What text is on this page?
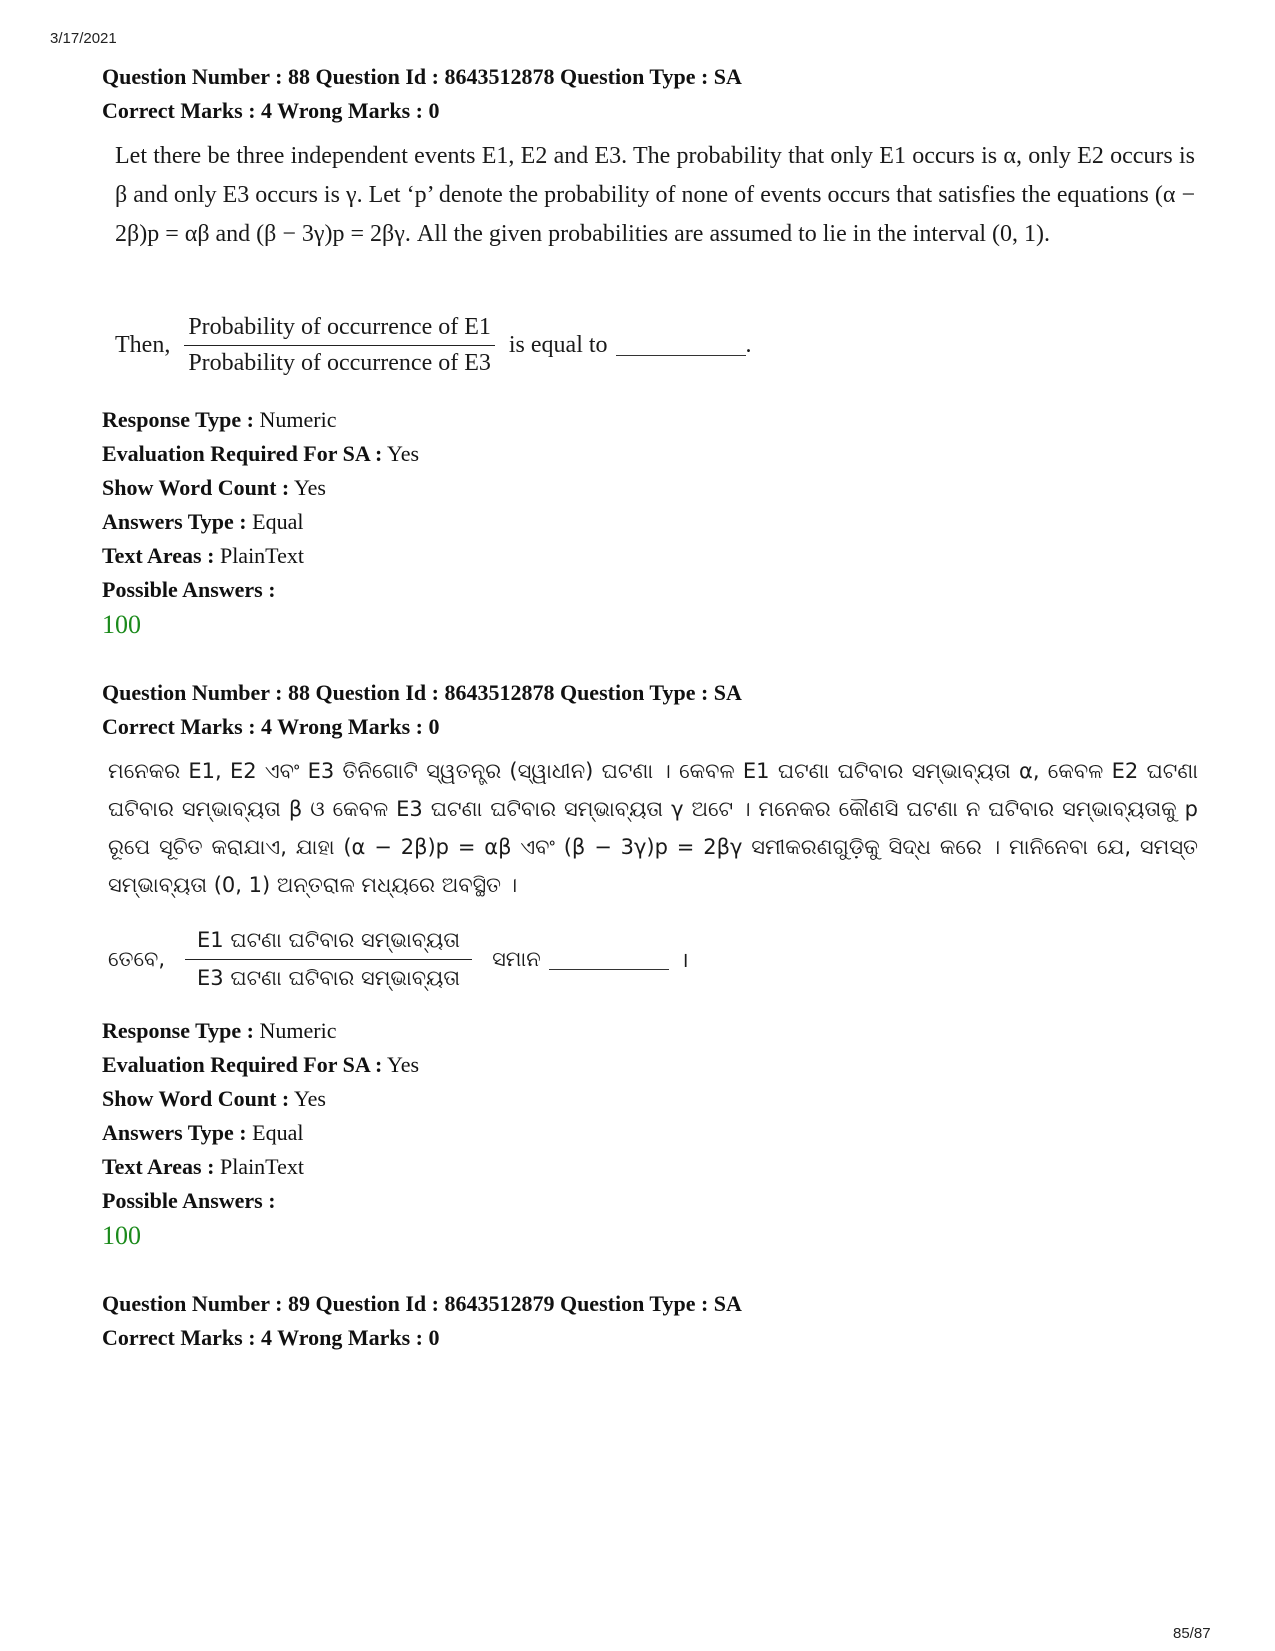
3/17/2021
Question Number : 88 Question Id : 8643512878 Question Type : SA
Correct Marks : 4 Wrong Marks : 0
Let there be three independent events E1, E2 and E3. The probability that only E1 occurs is α, only E2 occurs is β and only E3 occurs is γ. Let ‘p’ denote the probability of none of events occurs that satisfies the equations (α − 2β)p = αβ and (β − 3γ)p = 2βγ. All the given probabilities are assumed to lie in the interval (0, 1).
Then, $\frac{\text{Probability of occurrence of E1}}{\text{Probability of occurrence of E3}}$ is equal to	.
Response Type : Numeric
Evaluation Required For SA : Yes
Show Word Count : Yes
Answers Type : Equal
Text Areas : PlainText
Possible Answers :
100
Question Number : 88 Question Id : 8643512878 Question Type : SA
Correct Marks : 4 Wrong Marks : 0
ମନେକର E1, E2 ଏବଂ E3 ତିନିଗୋଟି ସ୍ୱତନ୍ତ୍ର (ସ୍ୱାଧୀନ) ଘଟଣା । କେବଳ E1 ଘଟଣା ଘଟିବାର ସମ୍ଭାବ୍ୟତା α, କେବଳ E2 ଘଟଣା ଘଟିବାର ସମ୍ଭାବ୍ୟତା β ଓ କେବଳ E3 ଘଟଣା ଘଟିବାର ସମ୍ଭାବ୍ୟତା γ ଅଟେ । ମନେକର କୌଣସି ଘଟଣା ନ ଘଟିବାର ସମ୍ଭାବ୍ୟତାକୁ p ରୂପେ ସୂଚିତ କରାଯାଏ, ଯାହା (α − 2β)p = αβ ଏବଂ (β − 3γ)p = 2βγ ସମୀକରଣଗୁଡ଼ିକୁ ସିଦ୍ଧ କରେ । ମାନିନେବା ଯେ, ସମସ୍ତ ସମ୍ଭାବ୍ୟତା (0, 1) ଅନ୍ତରାଳ ମଧ୍ୟରେ ଅବସ୍ଥିତ ।
ତେବେ, $\frac{\text{E1 ଘଟଣା ଘଟିବାର ସମ୍ଭାବ୍ୟତା}}{\text{E3 ଘଟଣା ଘଟିବାର ସମ୍ଭାବ୍ୟତା}}$ ସମାନ	।
Response Type : Numeric
Evaluation Required For SA : Yes
Show Word Count : Yes
Answers Type : Equal
Text Areas : PlainText
Possible Answers :
100
Question Number : 89 Question Id : 8643512879 Question Type : SA
Correct Marks : 4 Wrong Marks : 0
85/87
